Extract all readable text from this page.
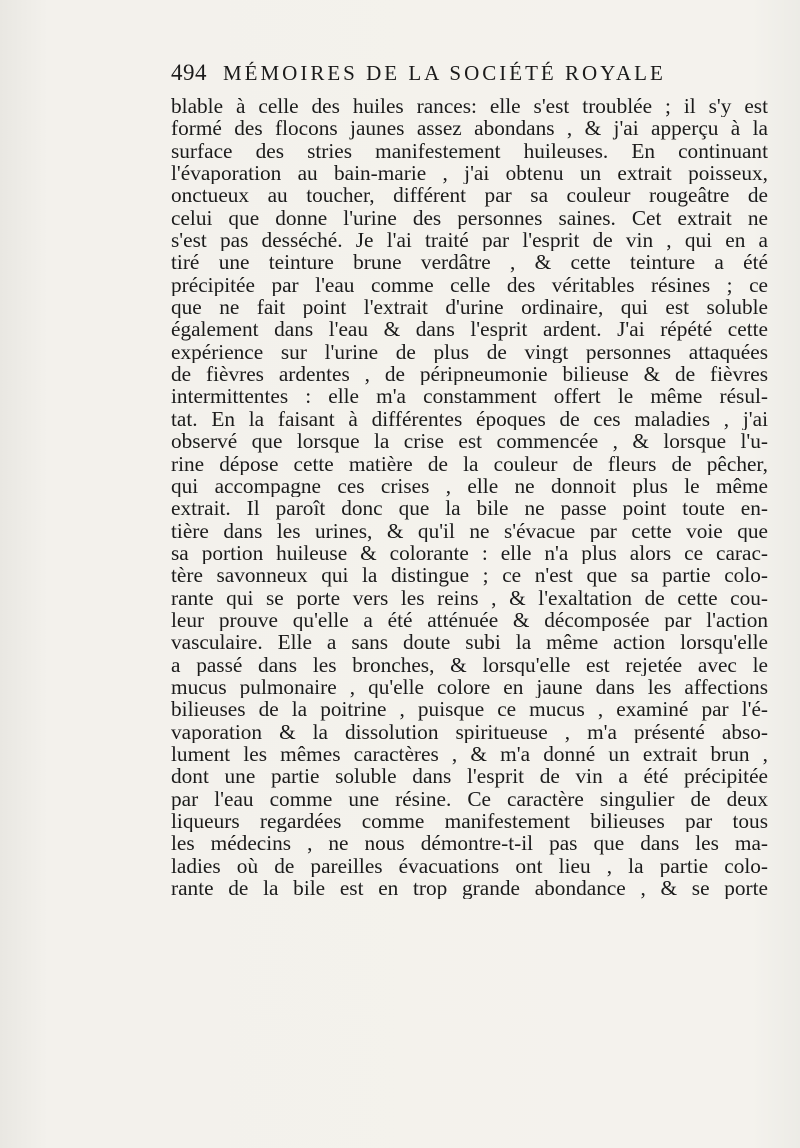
494 MÉMOIRES DE LA SOCIÉTÉ ROYALE
blable à celle des huiles rances: elle s'est troublée ; il s'y est
formé des flocons jaunes assez abondans , & j'ai apperçu à la
surface des stries manifestement huileuses. En continuant
l'évaporation au bain-marie , j'ai obtenu un extrait poisseux,
onctueux au toucher, différent par sa couleur rougeâtre de
celui que donne l'urine des personnes saines. Cet extrait ne
s'est pas desséché. Je l'ai traité par l'esprit de vin , qui en a
tiré une teinture brune verdâtre , & cette teinture a été
précipitée par l'eau comme celle des véritables résines ; ce
que ne fait point l'extrait d'urine ordinaire, qui est soluble
également dans l'eau & dans l'esprit ardent. J'ai répété cette
expérience sur l'urine de plus de vingt personnes attaquées
de fièvres ardentes , de péripneumonie bilieuse & de fièvres
intermittentes : elle m'a constamment offert le même résul-
tat. En la faisant à différentes époques de ces maladies , j'ai
observé que lorsque la crise est commencée , & lorsque l'u-
rine dépose cette matière de la couleur de fleurs de pêcher,
qui accompagne ces crises , elle ne donnoit plus le même
extrait. Il paroît donc que la bile ne passe point toute en-
tière dans les urines, & qu'il ne s'évacue par cette voie que
sa portion huileuse & colorante : elle n'a plus alors ce carac-
tère savonneux qui la distingue ; ce n'est que sa partie colo-
rante qui se porte vers les reins , & l'exaltation de cette cou-
leur prouve qu'elle a été atténuée & décomposée par l'action
vasculaire. Elle a sans doute subi la même action lorsqu'elle
a passé dans les bronches, & lorsqu'elle est rejetée avec le
mucus pulmonaire , qu'elle colore en jaune dans les affections
bilieuses de la poitrine , puisque ce mucus , examiné par l'é-
vaporation & la dissolution spiritueuse , m'a présenté abso-
lument les mêmes caractères , & m'a donné un extrait brun ,
dont une partie soluble dans l'esprit de vin a été précipitée
par l'eau comme une résine. Ce caractère singulier de deux
liqueurs regardées comme manifestement bilieuses par tous
les médecins , ne nous démontre-t-il pas que dans les ma-
ladies où de pareilles évacuations ont lieu , la partie colo-
rante de la bile est en trop grande abondance , & se porte
